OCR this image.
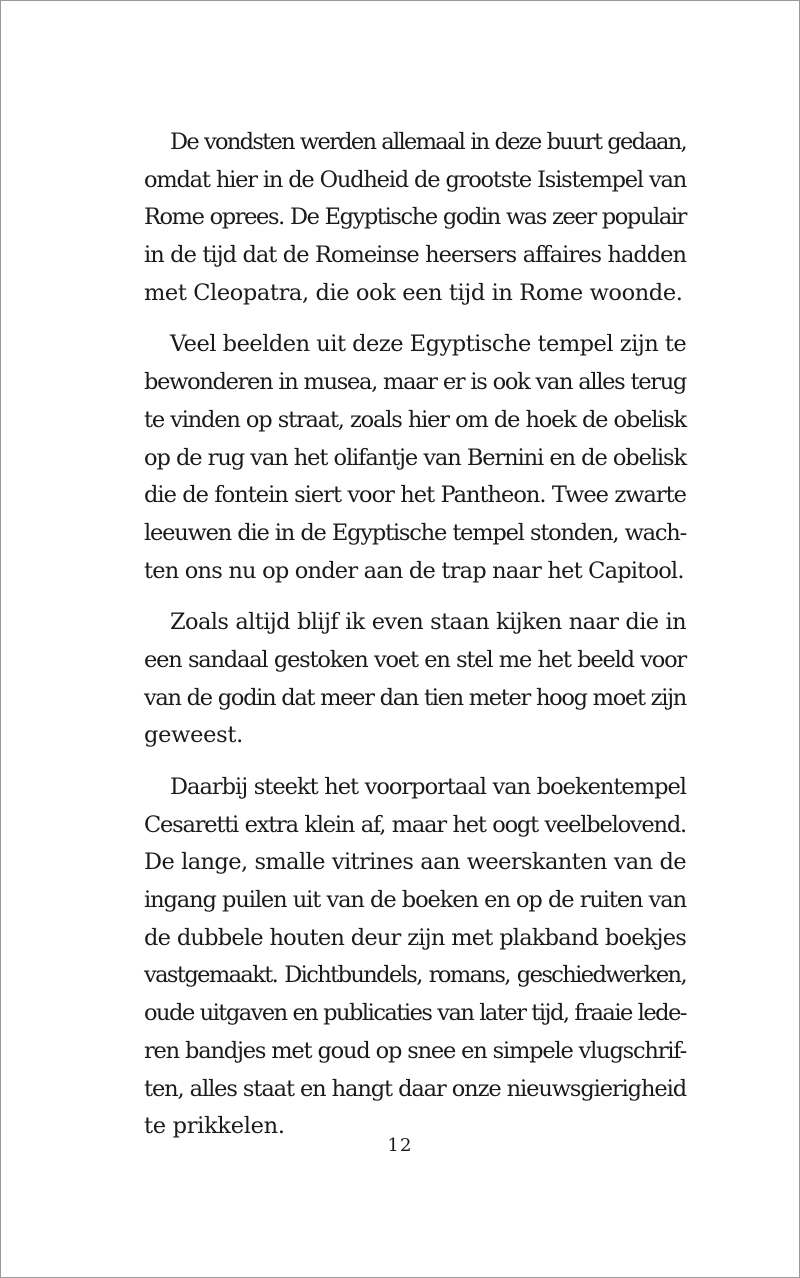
De vondsten werden allemaal in deze buurt gedaan,
omdat hier in de Oudheid de grootste Isistempel van
Rome oprees. De Egyptische godin was zeer populair
in de tijd dat de Romeinse heersers affaires hadden
met Cleopatra, die ook een tijd in Rome woonde.
Veel beelden uit deze Egyptische tempel zijn te
bewonderen in musea, maar er is ook van alles terug
te vinden op straat, zoals hier om de hoek de obelisk
op de rug van het olifantje van Bernini en de obelisk
die de fontein siert voor het Pantheon. Twee zwarte
leeuwen die in de Egyptische tempel stonden, wach-
ten ons nu op onder aan de trap naar het Capitool.
Zoals altijd blijf ik even staan kijken naar die in
een sandaal gestoken voet en stel me het beeld voor
van de godin dat meer dan tien meter hoog moet zijn
geweest.
Daarbij steekt het voorportaal van boekentempel
Cesaretti extra klein af, maar het oogt veelbelovend.
De lange, smalle vitrines aan weerskanten van de
ingang puilen uit van de boeken en op de ruiten van
de dubbele houten deur zijn met plakband boekjes
vastgemaakt. Dichtbundels, romans, geschiedwerken,
oude uitgaven en publicaties van later tijd, fraaie lede-
ren bandjes met goud op snee en simpele vlugschrif-
ten, alles staat en hangt daar onze nieuwsgierigheid
te prikkelen.
12
